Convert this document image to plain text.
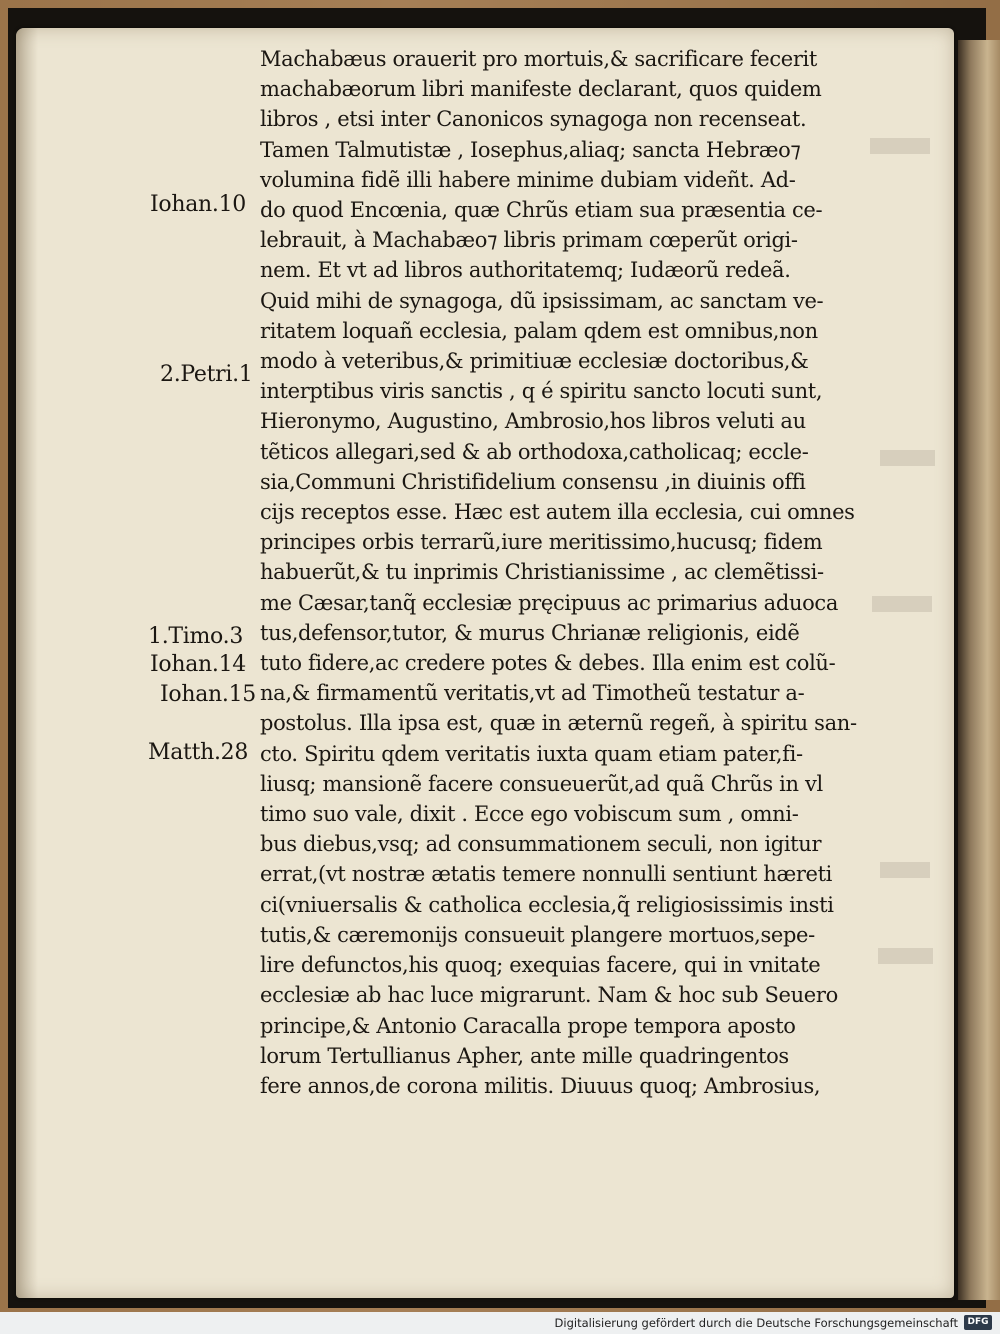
Iohan.10
2.Petri.1
1.Timo.3
Iohan.14
Iohan.15
Matth.28
Machabæus orauerit pro mortuis,& sacrificare fecerit
machabæorum libri manifeste declarant, quos quidem
libros , etsi inter Canonicos synagoga non recenseat.
Tamen Talmutistæ , Iosephus,aliaq; sancta Hebræo⁊
volumina fidẽ illi habere minime dubiam videñt. Ad-
do quod Encœnia, quæ Chrũs etiam sua præsentia ce-
lebrauit, à Machabæo⁊ libris primam cœperũt origi-
nem. Et vt ad libros authoritatemq; Iudæorũ redeã.
Quid mihi de synagoga, dũ ipsissimam, ac sanctam ve-
ritatem loquañ ecclesia, palam qdem est omnibus,non
modo à veteribus,& primitiuæ ecclesiæ doctoribus,&
interptibus viris sanctis , q é spiritu sancto locuti sunt,
Hieronymo, Augustino, Ambrosio,hos libros veluti au
tẽticos allegari,sed & ab orthodoxa,catholicaq; eccle-
sia,Communi Christifidelium consensu ,in diuinis offi
cijs receptos esse. Hæc est autem illa ecclesia, cui omnes
principes orbis terrarũ,iure meritissimo,hucusq; fidem
habuerũt,& tu inprimis Christianissime , ac clemẽtissi-
me Cæsar,tanq̃ ecclesiæ pręcipuus ac primarius aduoca
tus,defensor,tutor, & murus Chrianæ religionis, eidẽ
tuto fidere,ac credere potes & debes. Illa enim est colũ-
na,& firmamentũ veritatis,vt ad Timotheũ testatur a-
postolus. Illa ipsa est, quæ in æternũ regeñ, à spiritu san-
cto. Spiritu qdem veritatis iuxta quam etiam pater,fi-
liusq; mansionẽ facere consueuerũt,ad quã Chrũs in vl
timo suo vale, dixit . Ecce ego vobiscum sum , omni-
bus diebus,vsq; ad consummationem seculi, non igitur
errat,(vt nostræ ætatis temere nonnulli sentiunt hæreti
ci(vniuersalis & catholica ecclesia,q̃ religiosissimis insti
tutis,& cæremonijs consueuit plangere mortuos,sepe-
lire defunctos,his quoq; exequias facere, qui in vnitate
ecclesiæ ab hac luce migrarunt. Nam & hoc sub Seuero
principe,& Antonio Caracalla prope tempora aposto
lorum Tertullianus Apher, ante mille quadringentos
fere annos,de corona militis. Diuuus quoq; Ambrosius,
Digitalisierung gefördert durch die Deutsche Forschungsgemeinschaft	DFG
